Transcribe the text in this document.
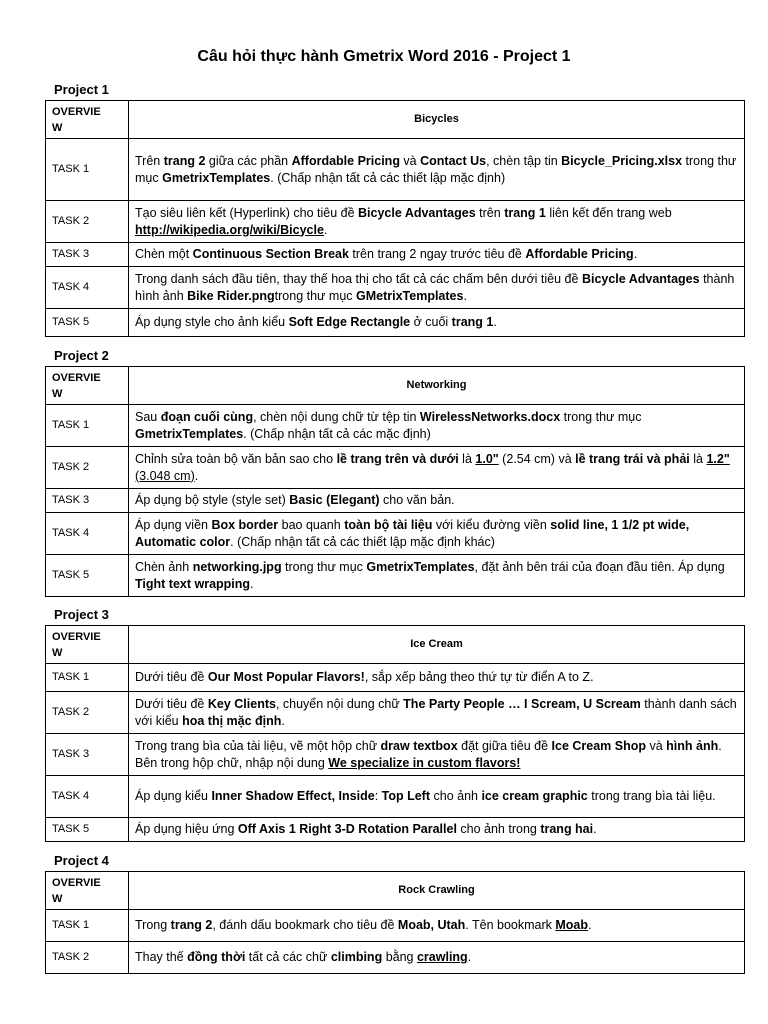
Câu hỏi thực hành Gmetrix Word 2016 - Project 1
Project 1
OVERVIE
W	Bicycles
TASK 1	Trên trang 2 giữa các phần Affordable Pricing và Contact Us, chèn tập tin Bicycle_Pricing.xlsx trong thư mục GmetrixTemplates. (Chấp nhận tất cả các thiết lập mặc định)
TASK 2	Tạo siêu liên kết (Hyperlink) cho tiêu đề Bicycle Advantages trên trang 1 liên kết đến trang web http://wikipedia.org/wiki/Bicycle.
TASK 3	Chèn một Continuous Section Break trên trang 2 ngay trước tiêu đề Affordable Pricing.
TASK 4	Trong danh sách đầu tiên, thay thế hoa thị cho tất cả các chấm bên dưới tiêu đề Bicycle Advantages thành hình ảnh Bike Rider.pngtrong thư mục GMetrixTemplates.
TASK 5	Áp dụng style cho ảnh kiểu Soft Edge Rectangle ở cuối trang 1.
Project 2
OVERVIE
W	Networking
TASK 1	Sau đoạn cuối cùng, chèn nội dung chữ từ tệp tin WirelessNetworks.docx trong thư mục GmetrixTemplates. (Chấp nhận tất cả các mặc định)
TASK 2	Chỉnh sửa toàn bộ văn bản sao cho lề trang trên và dưới là 1.0" (2.54 cm) và lề trang trái và phải là 1.2" (3.048 cm).
TASK 3	Áp dụng bộ style (style set) Basic (Elegant) cho văn bản.
TASK 4	Áp dụng viền Box border bao quanh toàn bộ tài liệu với kiểu đường viền solid line, 1 1/2 pt wide, Automatic color. (Chấp nhận tất cả các thiết lập mặc định khác)
TASK 5	Chèn ảnh networking.jpg trong thư mục GmetrixTemplates, đặt ảnh bên trái của đoạn đầu tiên. Áp dụng Tight text wrapping.
Project 3
OVERVIE
W	Ice Cream
TASK 1	Dưới tiêu đề Our Most Popular Flavors!, sắp xếp bảng theo thứ tự từ điển A to Z.
TASK 2	Dưới tiêu đề Key Clients, chuyển nội dung chữ The Party People … I Scream, U Scream thành danh sách với kiểu hoa thị mặc định.
TASK 3	Trong trang bìa của tài liệu, vẽ một hộp chữ draw textbox đặt giữa tiêu đề Ice Cream Shop và hình ảnh. Bên trong hộp chữ, nhập nội dung We specialize in custom flavors!
TASK 4	Áp dụng kiểu Inner Shadow Effect, Inside: Top Left cho ảnh ice cream graphic trong trang bìa tài liệu.
TASK 5	Áp dụng hiệu ứng Off Axis 1 Right 3-D Rotation Parallel cho ảnh trong trang hai.
Project 4
OVERVIE
W	Rock Crawling
TASK 1	Trong trang 2, đánh dấu bookmark cho tiêu đề Moab, Utah. Tên bookmark Moab.
TASK 2	Thay thế đồng thời tất cả các chữ climbing bằng crawling.
